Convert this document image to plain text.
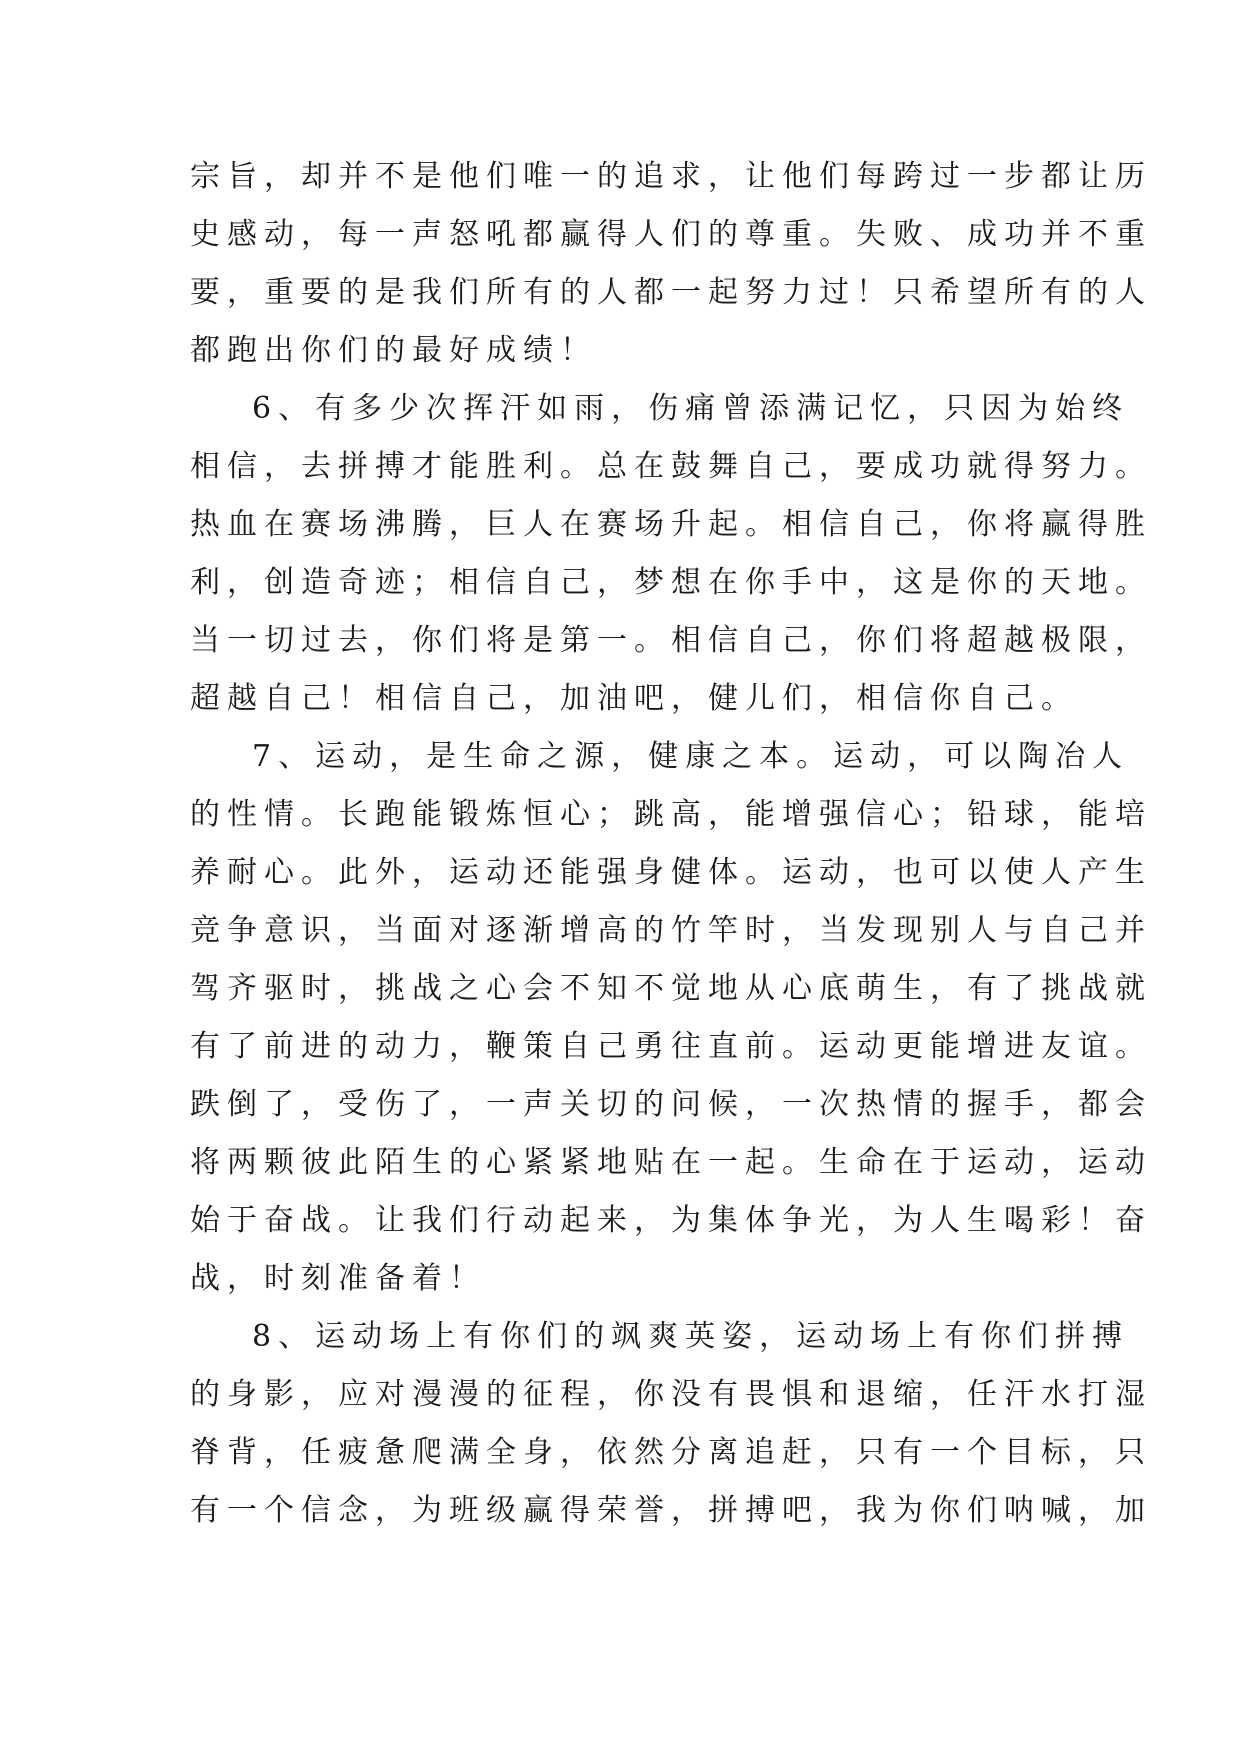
宗旨，却并不是他们唯一的追求，让他们每跨过一步都让历
史感动，每一声怒吼都赢得人们的尊重。失败、成功并不重
要，重要的是我们所有的人都一起努力过！只希望所有的人
都跑出你们的最好成绩！
6、有多少次挥汗如雨，伤痛曾添满记忆，只因为始终
相信，去拼搏才能胜利。总在鼓舞自己，要成功就得努力。
热血在赛场沸腾，巨人在赛场升起。相信自己，你将赢得胜
利，创造奇迹；相信自己，梦想在你手中，这是你的天地。
当一切过去，你们将是第一。相信自己，你们将超越极限，
超越自己！相信自己，加油吧，健儿们，相信你自己。
7、运动，是生命之源，健康之本。运动，可以陶冶人
的性情。长跑能锻炼恒心；跳高，能增强信心；铅球，能培
养耐心。此外，运动还能强身健体。运动，也可以使人产生
竞争意识，当面对逐渐增高的竹竿时，当发现别人与自己并
驾齐驱时，挑战之心会不知不觉地从心底萌生，有了挑战就
有了前进的动力，鞭策自己勇往直前。运动更能增进友谊。
跌倒了，受伤了，一声关切的问候，一次热情的握手，都会
将两颗彼此陌生的心紧紧地贴在一起。生命在于运动，运动
始于奋战。让我们行动起来，为集体争光，为人生喝彩！奋
战，时刻准备着！
8、运动场上有你们的飒爽英姿，运动场上有你们拼搏
的身影，应对漫漫的征程，你没有畏惧和退缩，任汗水打湿
脊背，任疲惫爬满全身，依然分离追赶，只有一个目标，只
有一个信念，为班级赢得荣誉，拼搏吧，我为你们呐喊，加
